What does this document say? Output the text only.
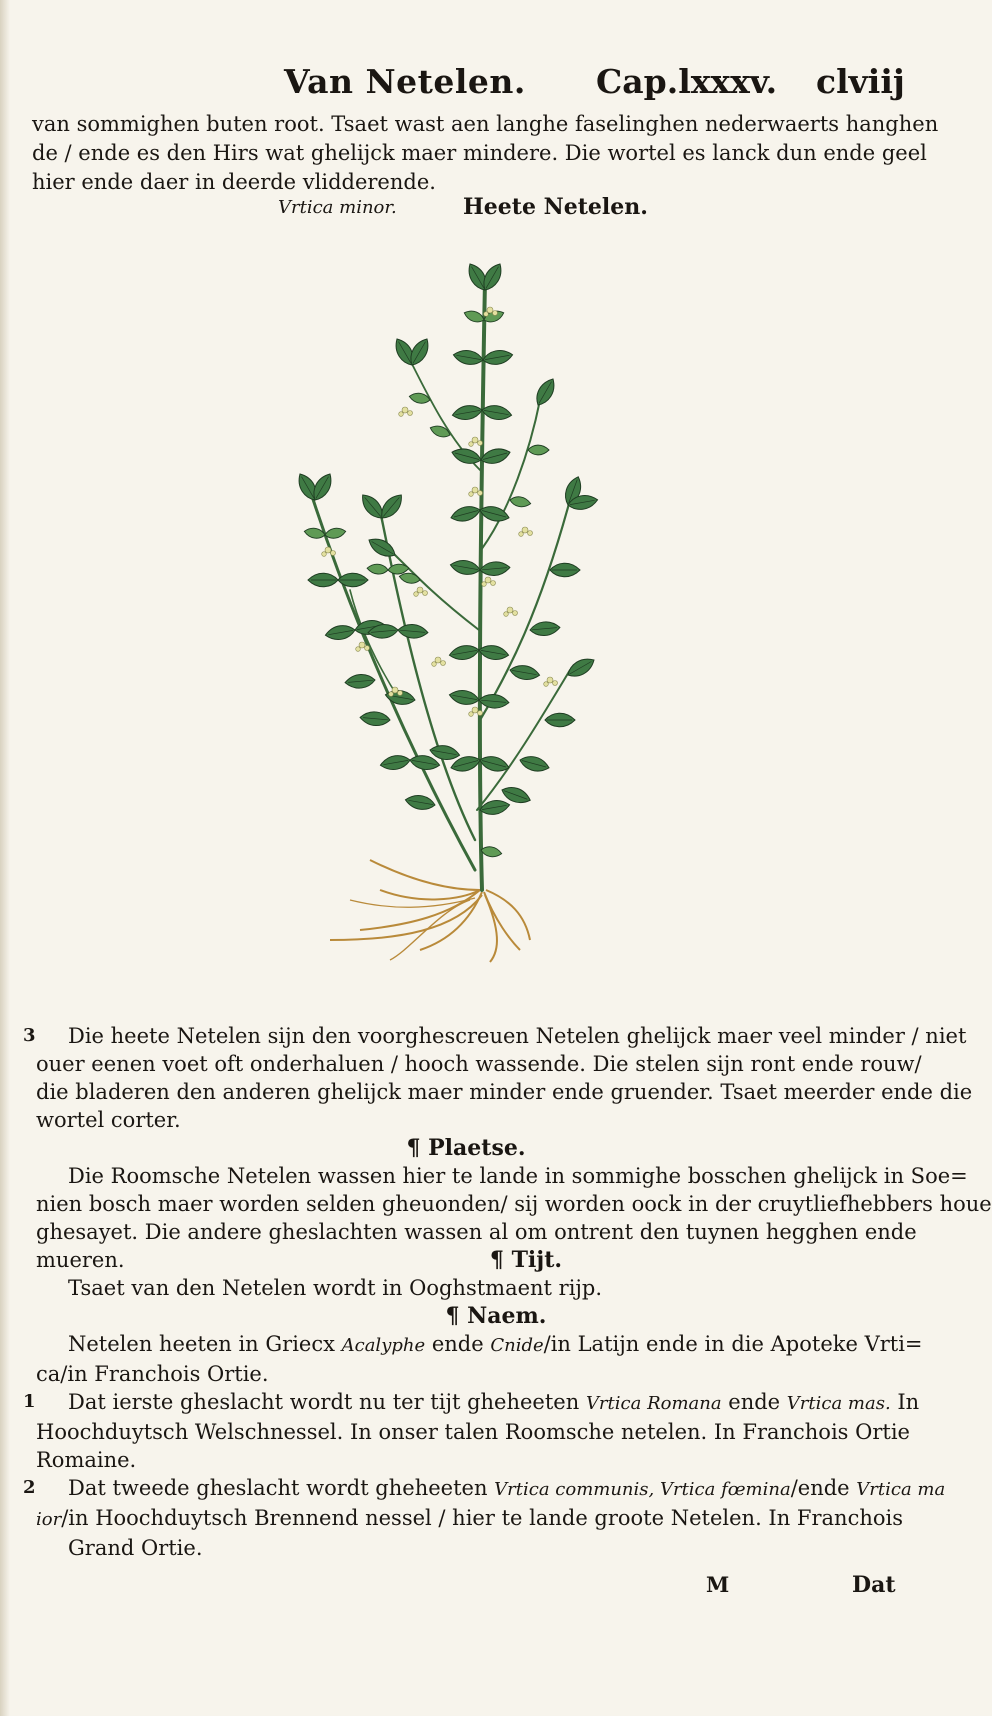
Van Netelen. Cap.lxxxv. clviij
van sommighen buten root. Tsaet wast aen langhe faselinghen nederwaerts hanghen
de / ende es den Hirs wat ghelijck maer mindere. Die wortel es lanck dun ende geel
hier ende daer in deerde vlidderende.
Vrtica minor.	Heete Netelen.
3	Die heete Netelen sijn den voorghescreuen Netelen ghelijck maer veel minder / niet
ouer eenen voet oft onderhaluen / hooch wassende. Die stelen sijn ront ende rouw/
die bladeren den anderen ghelijck maer minder ende gruender. Tsaet meerder ende die
wortel corter.
¶ Plaetse.
Die Roomsche Netelen wassen hier te lande in sommighe bosschen ghelijck in Soe=
nien bosch maer worden selden gheuonden/ sij worden oock in der cruytliefhebbers houe
ghesayet. Die andere gheslachten wassen al om ontrent den tuynen hegghen ende
mueren.	¶ Tijt.
Tsaet van den Netelen wordt in Ooghstmaent rijp.
¶ Naem.
Netelen heeten in Griecx Acalyphe ende Cnide/in Latijn ende in die Apoteke Vrti=
ca/in Franchois Ortie.
1	Dat ierste gheslacht wordt nu ter tijt gheheeten Vrtica Romana ende Vrtica mas. In
Hoochduytsch Welschnessel. In onser talen Roomsche netelen. In Franchois Ortie
Romaine.
2	Dat tweede gheslacht wordt gheheeten Vrtica communis, Vrtica fœmina/ende Vrtica ma
ior/in Hoochduytsch Brennend nessel / hier te lande groote Netelen. In Franchois
Grand Ortie.
M	Dat
